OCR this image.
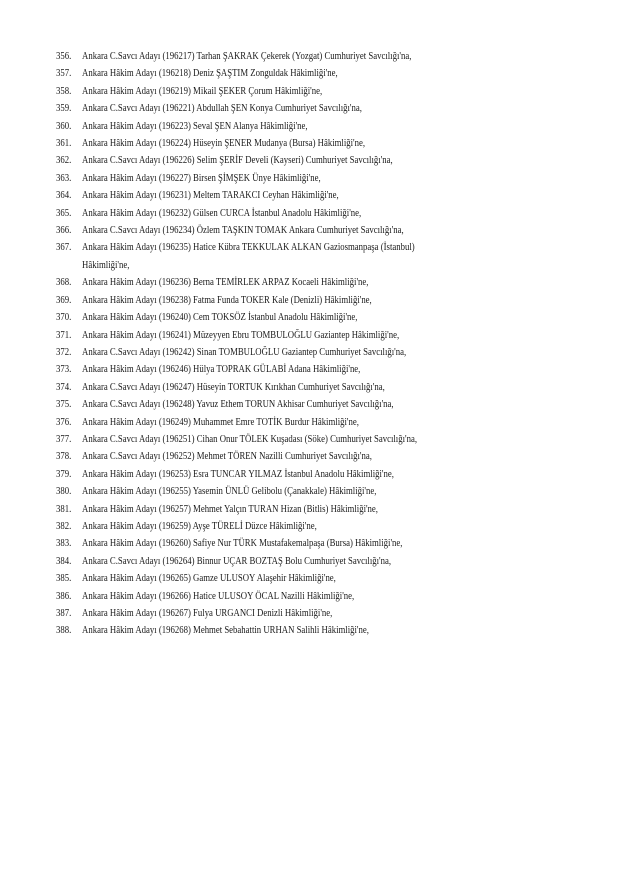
356.	Ankara C.Savcı Adayı (196217) Tarhan ŞAKRAK Çekerek (Yozgat) Cumhuriyet Savcılığı'na,
357.	Ankara Hâkim Adayı (196218) Deniz ŞAŞTIM Zonguldak Hâkimliği'ne,
358.	Ankara Hâkim Adayı (196219) Mikail ŞEKER Çorum Hâkimliği'ne,
359.	Ankara C.Savcı Adayı (196221) Abdullah ŞEN Konya Cumhuriyet Savcılığı'na,
360.	Ankara Hâkim Adayı (196223) Seval ŞEN Alanya Hâkimliği'ne,
361.	Ankara Hâkim Adayı (196224) Hüseyin ŞENER Mudanya (Bursa) Hâkimliği'ne,
362.	Ankara C.Savcı Adayı (196226) Selim ŞERİF Develi (Kayseri) Cumhuriyet Savcılığı'na,
363.	Ankara Hâkim Adayı (196227) Birsen ŞİMŞEK Ünye Hâkimliği'ne,
364.	Ankara Hâkim Adayı (196231) Meltem TARAKCI Ceyhan Hâkimliği'ne,
365.	Ankara Hâkim Adayı (196232) Gülsen CURCA İstanbul Anadolu Hâkimliği'ne,
366.	Ankara C.Savcı Adayı (196234) Özlem TAŞKIN TOMAK Ankara Cumhuriyet Savcılığı'na,
367.	Ankara Hâkim Adayı (196235) Hatice Kübra TEKKULAK ALKAN Gaziosmanpaşa (İstanbul)
Hâkimliği'ne,
368.	Ankara Hâkim Adayı (196236) Berna TEMİRLEK ARPAZ Kocaeli Hâkimliği'ne,
369.	Ankara Hâkim Adayı (196238) Fatma Funda TOKER Kale (Denizli) Hâkimliği'ne,
370.	Ankara Hâkim Adayı (196240) Cem TOKSÖZ İstanbul Anadolu Hâkimliği'ne,
371.	Ankara Hâkim Adayı (196241) Müzeyyen Ebru TOMBULOĞLU Gaziantep Hâkimliği'ne,
372.	Ankara C.Savcı Adayı (196242) Sinan TOMBULOĞLU Gaziantep Cumhuriyet Savcılığı'na,
373.	Ankara Hâkim Adayı (196246) Hülya TOPRAK GÜLABİ Adana Hâkimliği'ne,
374.	Ankara C.Savcı Adayı (196247) Hüseyin TORTUK Kırıkhan Cumhuriyet Savcılığı'na,
375.	Ankara C.Savcı Adayı (196248) Yavuz Ethem TORUN Akhisar Cumhuriyet Savcılığı'na,
376.	Ankara Hâkim Adayı (196249) Muhammet Emre TOTİK Burdur Hâkimliği'ne,
377.	Ankara C.Savcı Adayı (196251) Cihan Onur TÖLEK Kuşadası (Söke) Cumhuriyet Savcılığı'na,
378.	Ankara C.Savcı Adayı (196252) Mehmet TÖREN Nazilli Cumhuriyet Savcılığı'na,
379.	Ankara Hâkim Adayı (196253) Esra TUNCAR YILMAZ İstanbul Anadolu Hâkimliği'ne,
380.	Ankara Hâkim Adayı (196255) Yasemin ÜNLÜ Gelibolu (Çanakkale) Hâkimliği'ne,
381.	Ankara Hâkim Adayı (196257) Mehmet Yalçın TURAN Hizan (Bitlis) Hâkimliği'ne,
382.	Ankara Hâkim Adayı (196259) Ayşe TÜRELİ Düzce Hâkimliği'ne,
383.	Ankara Hâkim Adayı (196260) Safiye Nur TÜRK Mustafakemalpaşa (Bursa) Hâkimliği'ne,
384.	Ankara C.Savcı Adayı (196264) Binnur UÇAR BOZTAŞ Bolu Cumhuriyet Savcılığı'na,
385.	Ankara Hâkim Adayı (196265) Gamze ULUSOY Alaşehir Hâkimliği'ne,
386.	Ankara Hâkim Adayı (196266) Hatice ULUSOY ÖCAL Nazilli Hâkimliği'ne,
387.	Ankara Hâkim Adayı (196267) Fulya URGANCI Denizli Hâkimliği'ne,
388.	Ankara Hâkim Adayı (196268) Mehmet Sebahattin URHAN Salihli Hâkimliği'ne,
